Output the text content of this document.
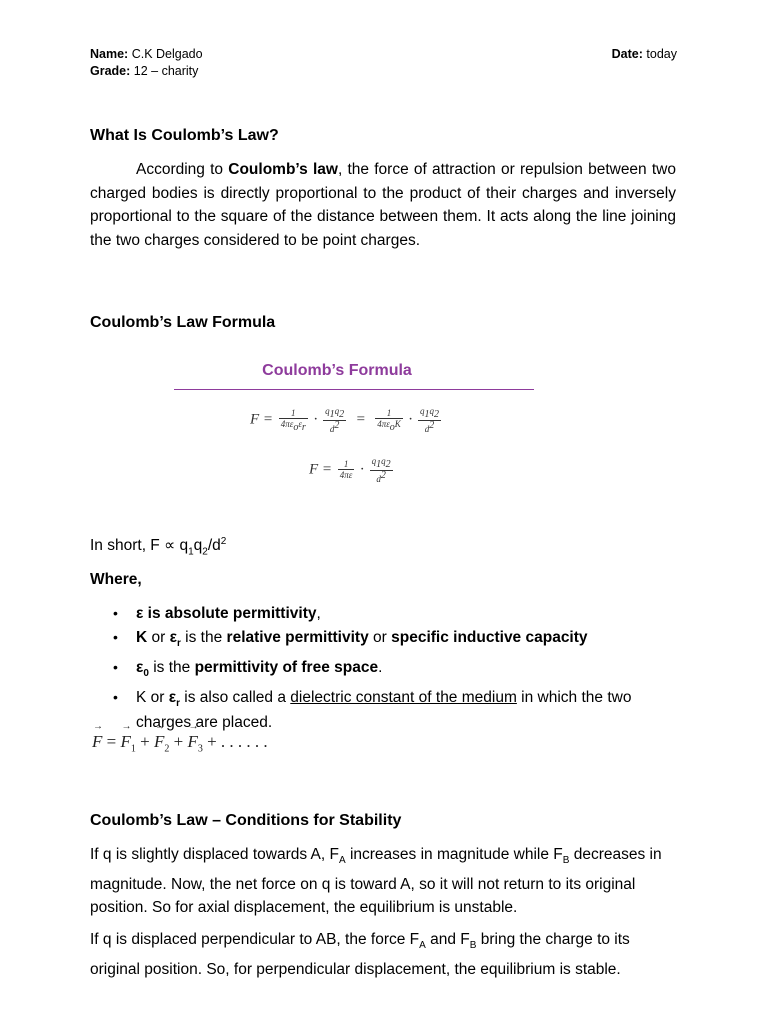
Name: C.K Delgado
Grade: 12 – charity
Date: today
What Is Coulomb’s Law?
According to Coulomb’s law, the force of attraction or repulsion between two charged bodies is directly proportional to the product of their charges and inversely proportional to the square of the distance between them. It acts along the line joining the two charges considered to be point charges.
Coulomb’s Law Formula
Coulomb’s Formula
$F = \frac{1}{4\pi\varepsilon_o\varepsilon_r} \cdot \frac{q_1q_2}{d^2} = \frac{1}{4\pi\varepsilon_oK} \cdot \frac{q_1q_2}{d^2}$
$F = \frac{1}{4\pi\varepsilon} \cdot \frac{q_1q_2}{d^2}$
In short, $F \propto q_1q_2/d^2$
Where,
• ε is absolute permittivity,
• K or $\varepsilon_r$ is the relative permittivity or specific inductive capacity
• $\varepsilon_0$ is the permittivity of free space.
• K or $\varepsilon_r$ is also called a dielectric constant of the medium in which the two charges are placed.
→ F = → $F_1$ + → $F_2$ + → $F_3$ + . . . . . .
Coulomb’s Law – Conditions for Stability
If q is slightly displaced towards A, $F_A$ increases in magnitude while $F_B$ decreases in magnitude. Now, the net force on q is toward A, so it will not return to its original position. So for axial displacement, the equilibrium is unstable.
If q is displaced perpendicular to AB, the force $F_A$ and $F_B$ bring the charge to its original position. So, for perpendicular displacement, the equilibrium is stable.
